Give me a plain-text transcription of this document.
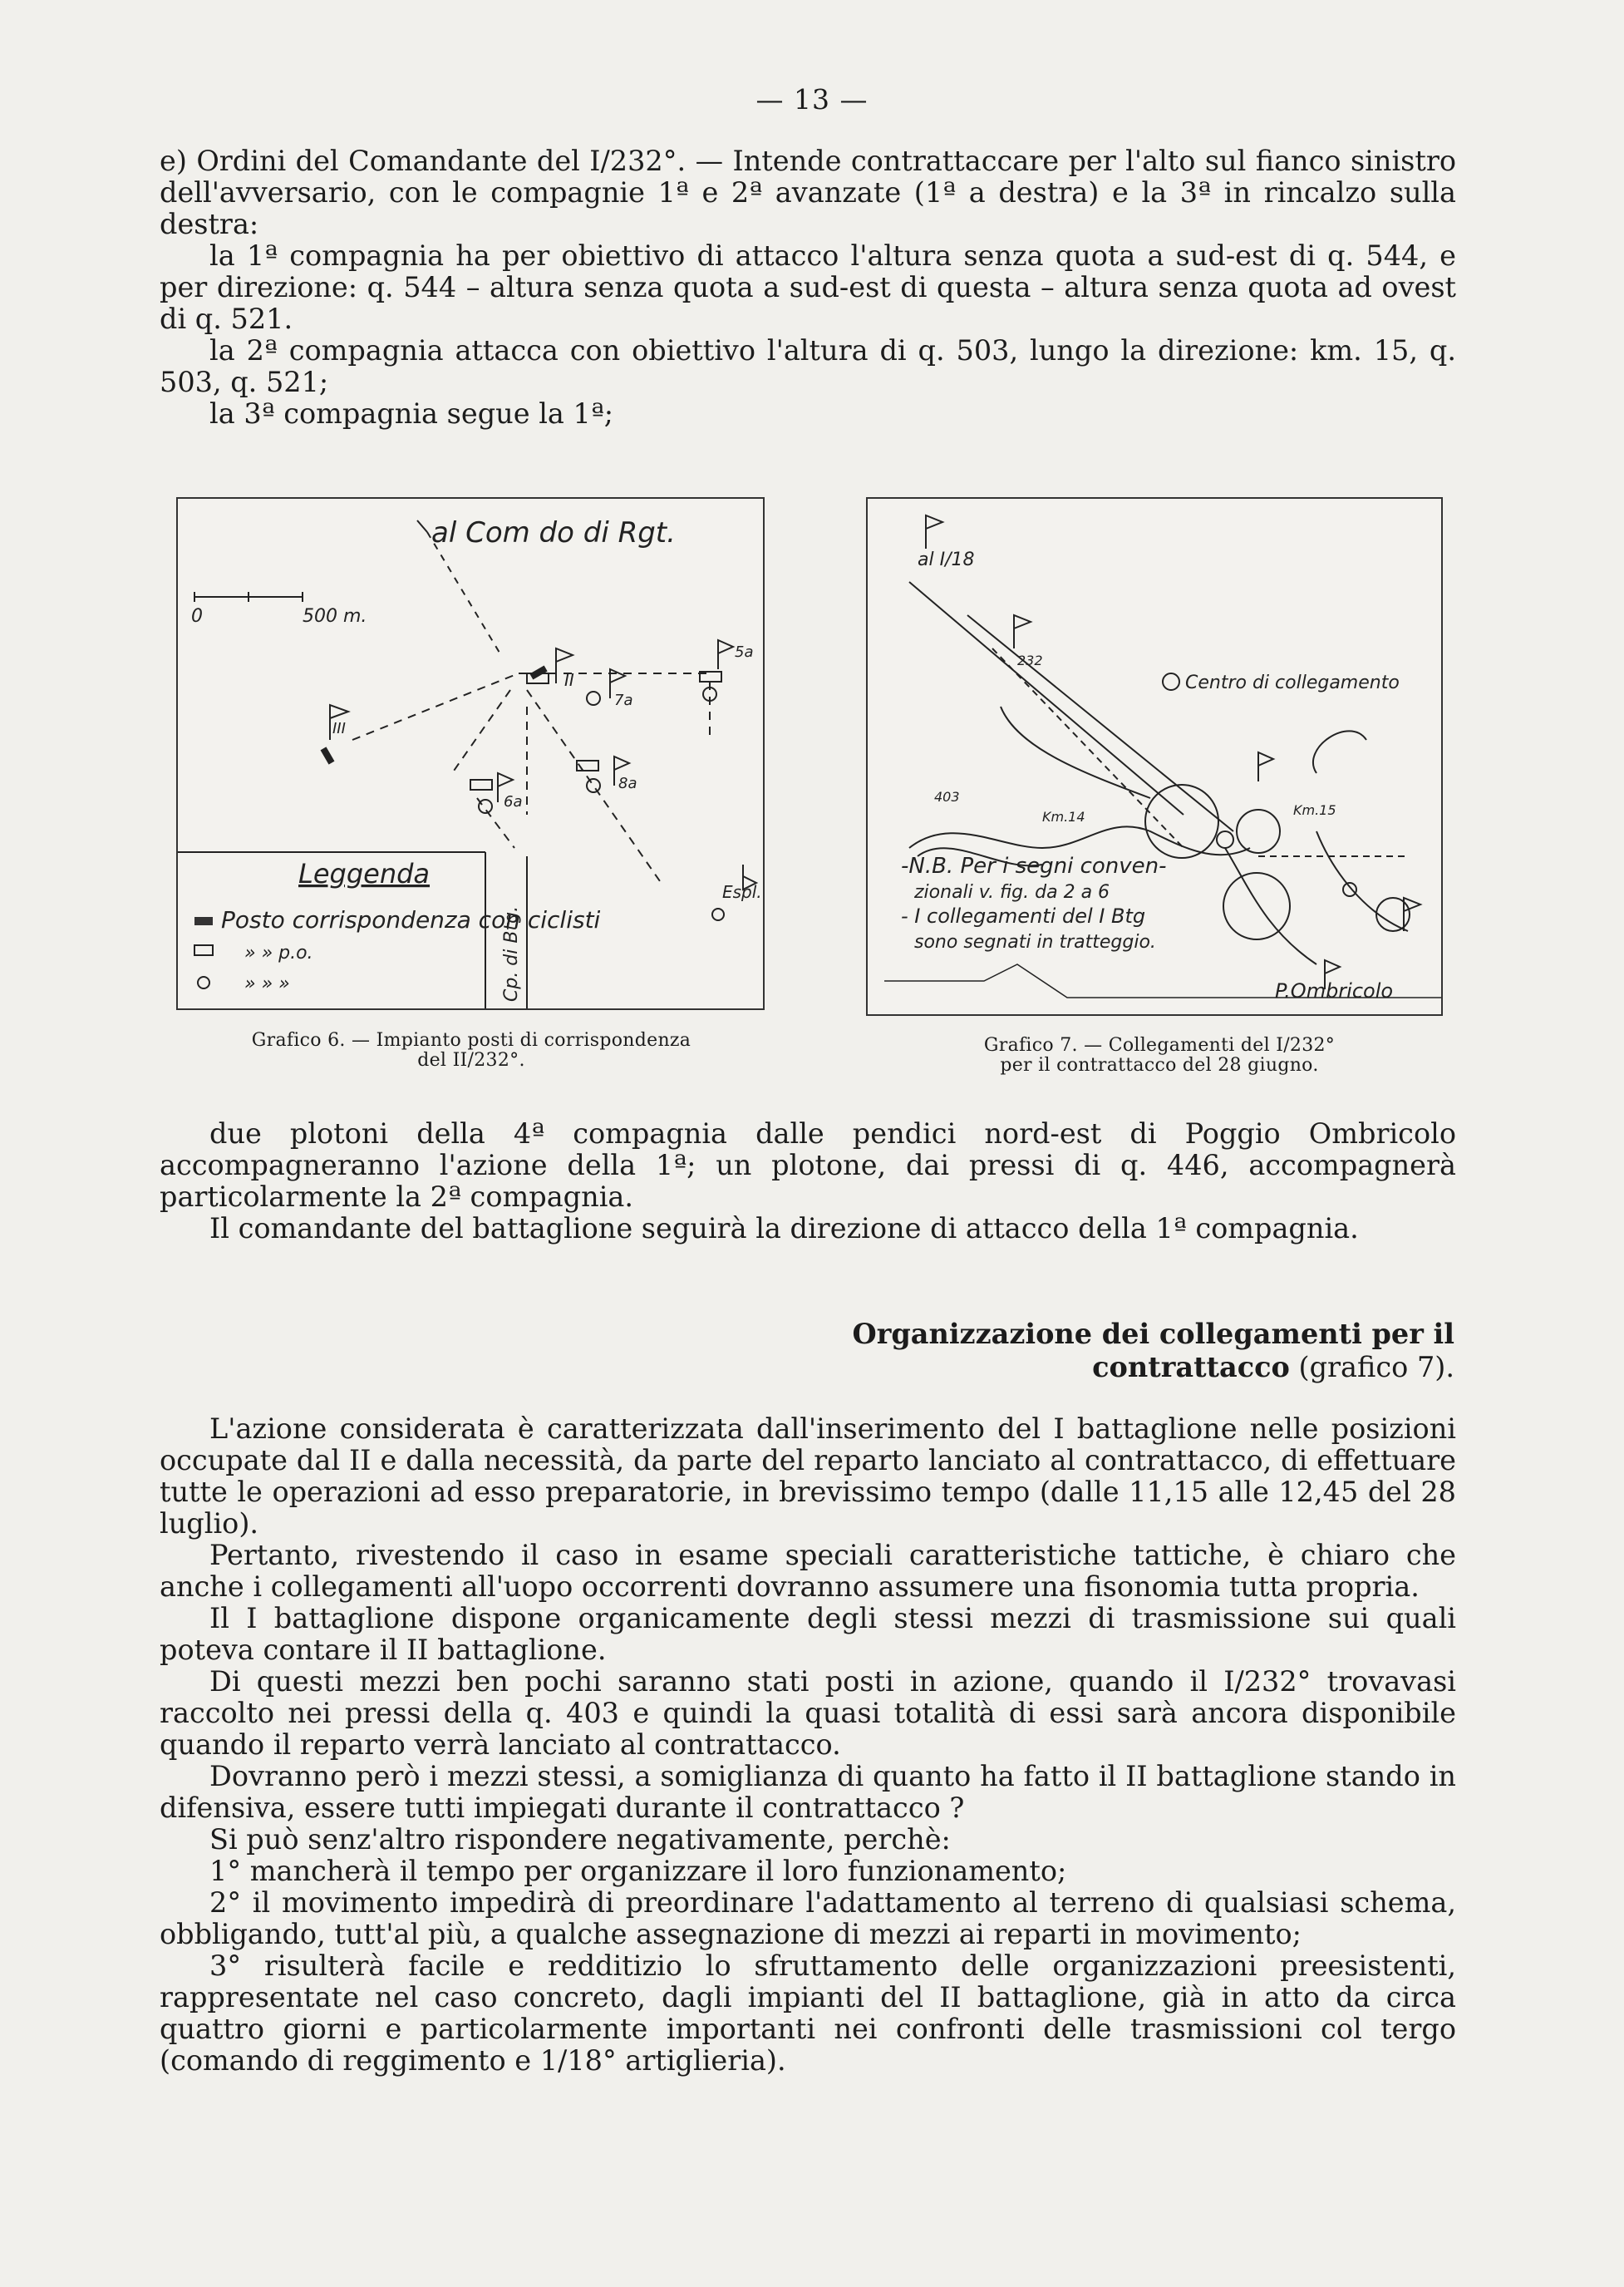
— 13 —

e) Ordini del Comandante del I/232°. — Intende contrattaccare per l'alto sul fianco sinistro dell'avversario, con le compagnie 1ª e 2ª avanzate (1ª a destra) e la 3ª in rincalzo sulla destra:

la 1ª compagnia ha per obiettivo di attacco l'altura senza quota a sud-est di q. 544, e per direzione: q. 544 – altura senza quota a sud-est di questa – altura senza quota ad ovest di q. 521.

la 2ª compagnia attacca con obiettivo l'altura di q. 503, lungo la direzione: km. 15, q. 503, q. 521;

la 3ª compagnia segue la 1ª;

al Com do di Rgt.
0	500 m.
II
III
5a
6a
7a
8a
Espl.
Leggenda
Posto corrispondenza con ciclisti
» » p.o.
» » »	Cp. di Btg.
Grafico 6. — Impianto posti di corrispondenza
del II/232°.
Centro di collegamento
al I/18
232
403
Km.14	Km.15
P.Ombricolo
-N.B. Per i segni conven-
zionali v. fig. da 2 a 6
- I collegamenti del I Btg
sono segnati in tratteggio.
Grafico 7. — Collegamenti del I/232°
per il contrattacco del 28 giugno.

due plotoni della 4ª compagnia dalle pendici nord-est di Poggio Ombricolo accompagneranno l'azione della 1ª; un plotone, dai pressi di q. 446, accompagnerà particolarmente la 2ª compagnia.

Il comandante del battaglione seguirà la direzione di attacco della 1ª compagnia.

Organizzazione dei collegamenti per il contrattacco (grafico 7).

L'azione considerata è caratterizzata dall'inserimento del I battaglione nelle posizioni occupate dal II e dalla necessità, da parte del reparto lanciato al contrattacco, di effettuare tutte le operazioni ad esso preparatorie, in brevissimo tempo (dalle 11,15 alle 12,45 del 28 luglio).

Pertanto, rivestendo il caso in esame speciali caratteristiche tattiche, è chiaro che anche i collegamenti all'uopo occorrenti dovranno assumere una fisonomia tutta propria.

Il I battaglione dispone organicamente degli stessi mezzi di trasmissione sui quali poteva contare il II battaglione.

Di questi mezzi ben pochi saranno stati posti in azione, quando il I/232° trovavasi raccolto nei pressi della q. 403 e quindi la quasi totalità di essi sarà ancora disponibile quando il reparto verrà lanciato al contrattacco.

Dovranno però i mezzi stessi, a somiglianza di quanto ha fatto il II battaglione stando in difensiva, essere tutti impiegati durante il contrattacco ?

Si può senz'altro rispondere negativamente, perchè:

1° mancherà il tempo per organizzare il loro funzionamento;

2° il movimento impedirà di preordinare l'adattamento al terreno di qualsiasi schema, obbligando, tutt'al più, a qualche assegnazione di mezzi ai reparti in movimento;

3° risulterà facile e redditizio lo sfruttamento delle organizzazioni preesistenti, rappresentate nel caso concreto, dagli impianti del II battaglione, già in atto da circa quattro giorni e particolarmente importanti nei confronti delle trasmissioni col tergo (comando di reggimento e 1/18° artiglieria).
